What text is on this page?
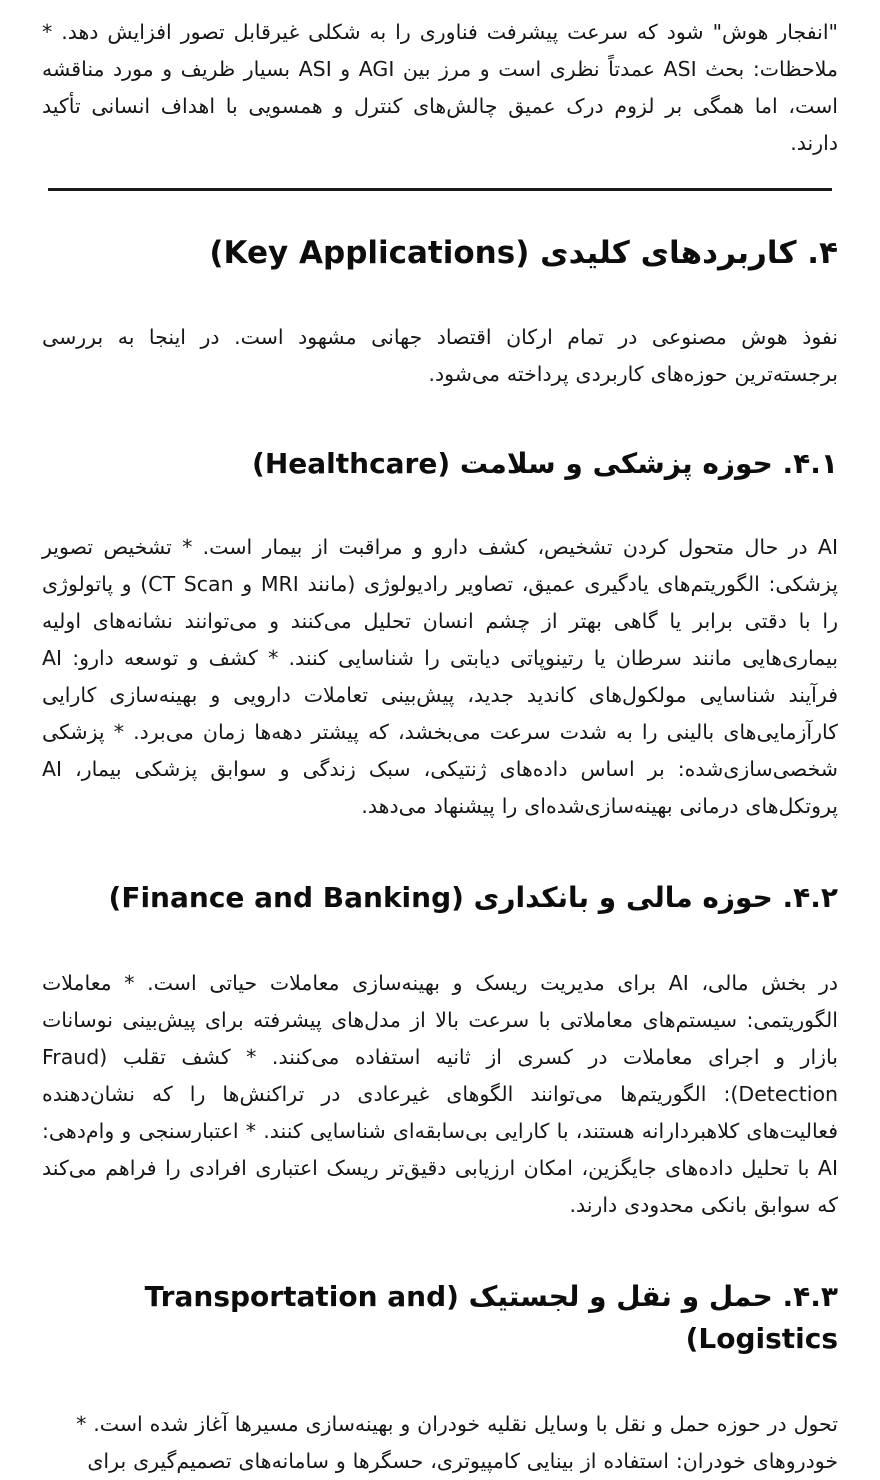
"انفجار هوش" شود که سرعت پیشرفت فناوری را به شکلی غیرقابل تصور افزایش دهد. * ملاحظات: بحث ASI عمدتاً نظری است و مرز بین AGI و ASI بسیار ظریف و مورد مناقشه است، اما همگی بر لزوم درک عمیق چالش‌های کنترل و همسویی با اهداف انسانی تأکید دارند.

۴. کاربردهای کلیدی (Key Applications)

نفوذ هوش مصنوعی در تمام ارکان اقتصاد جهانی مشهود است. در اینجا به بررسی برجسته‌ترین حوزه‌های کاربردی پرداخته می‌شود.

۴.۱. حوزه پزشکی و سلامت (Healthcare)

AI در حال متحول کردن تشخیص، کشف دارو و مراقبت از بیمار است. * تشخیص تصویر پزشکی: الگوریتم‌های یادگیری عمیق، تصاویر رادیولوژی (مانند MRI و CT Scan) و پاتولوژی را با دقتی برابر یا گاهی بهتر از چشم انسان تحلیل می‌کنند و می‌توانند نشانه‌های اولیه بیماری‌هایی مانند سرطان یا رتینوپاتی دیابتی را شناسایی کنند. * کشف و توسعه دارو: AI فرآیند شناسایی مولکول‌های کاندید جدید، پیش‌بینی تعاملات دارویی و بهینه‌سازی کارایی کارآزمایی‌های بالینی را به شدت سرعت می‌بخشد، که پیشتر دهه‌ها زمان می‌برد. * پزشکی شخصی‌سازی‌شده: بر اساس داده‌های ژنتیکی، سبک زندگی و سوابق پزشکی بیمار، AI پروتکل‌های درمانی بهینه‌سازی‌شده‌ای را پیشنهاد می‌دهد.

۴.۲. حوزه مالی و بانکداری (Finance and Banking)

در بخش مالی، AI برای مدیریت ریسک و بهینه‌سازی معاملات حیاتی است. * معاملات الگوریتمی: سیستم‌های معاملاتی با سرعت بالا از مدل‌های پیشرفته برای پیش‌بینی نوسانات بازار و اجرای معاملات در کسری از ثانیه استفاده می‌کنند. * کشف تقلب (Fraud Detection): الگوریتم‌ها می‌توانند الگوهای غیرعادی در تراکنش‌ها را که نشان‌دهنده فعالیت‌های کلاهبردارانه هستند، با کارایی بی‌سابقه‌ای شناسایی کنند. * اعتبارسنجی و وام‌دهی: AI با تحلیل داده‌های جایگزین، امکان ارزیابی دقیق‌تر ریسک اعتباری افرادی را فراهم می‌کند که سوابق بانکی محدودی دارند.

۴.۳. حمل و نقل و لجستیک (Transportation and Logistics)

تحول در حوزه حمل و نقل با وسایل نقلیه خودران و بهینه‌سازی مسیرها آغاز شده است. * خودروهای خودران: استفاده از بینایی کامپیوتری، حسگرها و سامانه‌های تصمیم‌گیری برای
